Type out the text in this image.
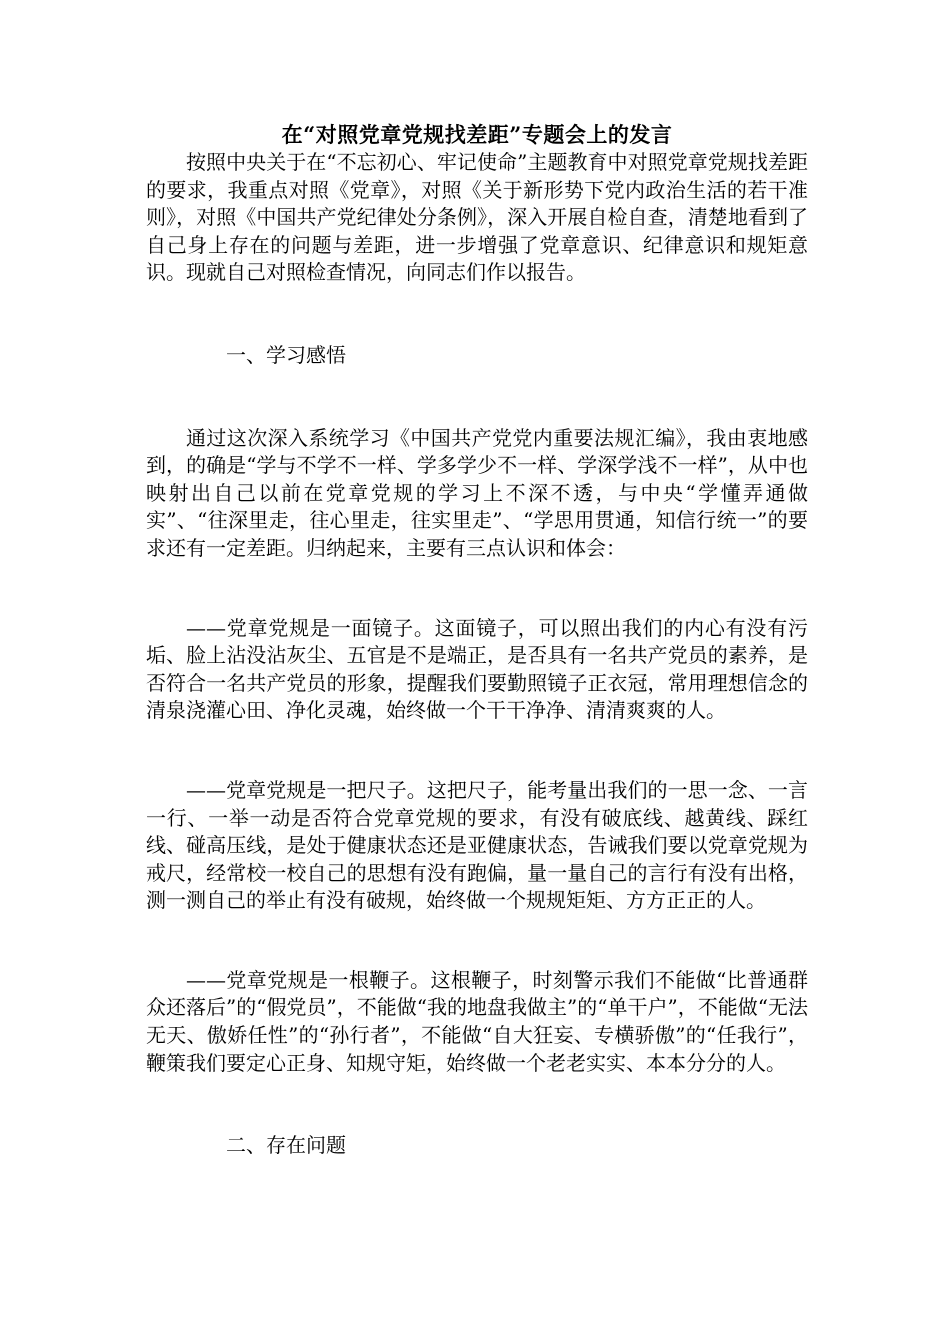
在“对照党章党规找差距”专题会上的发言

按照中央关于在“不忘初心、牢记使命”主题教育中对照党章党规找差距的要求，我重点对照《党章》，对照《关于新形势下党内政治生活的若干准则》，对照《中国共产党纪律处分条例》，深入开展自检自查，清楚地看到了自己身上存在的问题与差距，进一步增强了党章意识、纪律意识和规矩意识。现就自己对照检查情况，向同志们作以报告。

一、学习感悟

通过这次深入系统学习《中国共产党党内重要法规汇编》，我由衷地感到，的确是“学与不学不一样、学多学少不一样、学深学浅不一样”，从中也映射出自己以前在党章党规的学习上不深不透，与中央“学懂弄通做实”、“往深里走，往心里走，往实里走”、“学思用贯通，知信行统一”的要求还有一定差距。归纳起来，主要有三点认识和体会：

——党章党规是一面镜子。这面镜子，可以照出我们的内心有没有污垢、脸上沾没沾灰尘、五官是不是端正，是否具有一名共产党员的素养，是否符合一名共产党员的形象，提醒我们要勤照镜子正衣冠，常用理想信念的清泉浇灌心田、净化灵魂，始终做一个干干净净、清清爽爽的人。

——党章党规是一把尺子。这把尺子，能考量出我们的一思一念、一言一行、一举一动是否符合党章党规的要求，有没有破底线、越黄线、踩红线、碰高压线，是处于健康状态还是亚健康状态，告诫我们要以党章党规为戒尺，经常校一校自己的思想有没有跑偏，量一量自己的言行有没有出格，测一测自己的举止有没有破规，始终做一个规规矩矩、方方正正的人。

——党章党规是一根鞭子。这根鞭子，时刻警示我们不能做“比普通群众还落后”的“假党员”，不能做“我的地盘我做主”的“单干户”，不能做“无法无天、傲娇任性”的“孙行者”，不能做“自大狂妄、专横骄傲”的“任我行”，鞭策我们要定心正身、知规守矩，始终做一个老老实实、本本分分的人。

二、存在问题
